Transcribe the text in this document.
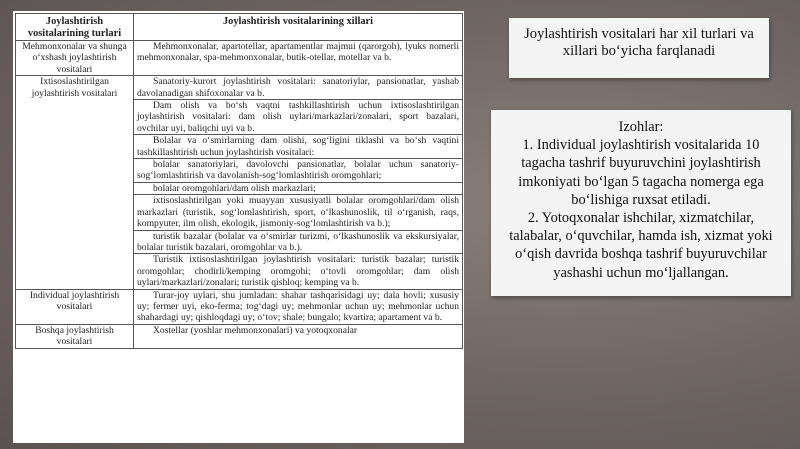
Joylashtirish vositalarining turlari	Joylashtirish vositalarining xillari
Mehmonxonalar va shunga o‘xshash joylashtirish vositalari	Mehmonxonalar, apartotellar, apartamentlar majmui (qarorgoh), lyuks nomerli mehmonxonalar, spa-mehmonxonalar, butik-otellar, motellar va b.
Ixtisoslashtirilgan joylashtirish vositalari	Sanatoriy-kurort joylashtirish vositalari: sanatoriylar, pansionatlar, yashab davolanadigan shifoxonalar va b.
	Dam olish va bo‘sh vaqtni tashkillashtirish uchun ixtisoslashtirilgan joylashtirish vositalari: dam olish uylari/markazlari/zonalari, sport bazalari, ovchilar uyi, baliqchi uyi va b.
	Bolalar va o‘smirlarning dam olishi, sog‘ligini tiklashi va bo‘sh vaqtini tashkillashtirish uchun joylashtirish vositalari:
	bolalar sanatoriylari, davolovchi pansionatlar, bolalar uchun sanatoriy-sog‘lomlashtirish va davolanish-sog‘lomlashtirish oromgohlari;
	bolalar oromgohlari/dam olish markazlari;
	ixtisoslashtirilgan yoki muayyan xususiyatli bolalar oromgohlari/dam olish markazlari (turistik, sog‘lomlashtirish, sport, o‘lkashunoslik, til o‘rganish, raqs, kompyuter, ilm olish, ekologik, jismoniy-sog‘lomlashtirish va b.);
	turistik bazalar (bolalar va o‘smirlar turizmi, o‘lkashunoslik va ekskursiyalar, bolalar turistik bazalari, oromgohlar va b.).
	Turistik ixtisoslashtirilgan joylashtirish vositalari: turistik bazalar; turistik oromgohlar; chodirli/kemping oromgohi; o‘tovli oromgohlar; dam olish uylari/markazlari/zonalari; turistik qishloq; kemping va b.
Individual joylashtirish vositalari	Turar-joy uylari, shu jumladan: shahar tashqarisidagi uy; dala hovli; xususiy uy; fermer uyi, eko-ferma; tog‘dagi uy; mehmonlar uchun uy; mehmonlar uchun shahardagi uy; qishloqdagi uy; o‘tov; shale; bungalo; kvartira; apartament va b.
Boshqa joylashtirish vositalari	Xostellar (yoshlar mehmonxonalari) va yotoqxonalar
Joylashtirish vositalari har xil turlari va xillari bo‘yicha farqlanadi

Izohlar:

1. Individual joylashtirish vositalarida 10 tagacha tashrif buyuruvchini joylashtirish imkoniyati bo‘lgan 5 tagacha nomerga ega bo‘lishiga ruxsat etiladi.

2. Yotoqxonalar ishchilar, xizmatchilar, talabalar, o‘quvchilar, hamda ish, xizmat yoki o‘qish davrida boshqa tashrif buyuruvchilar yashashi uchun mo‘ljallangan.
